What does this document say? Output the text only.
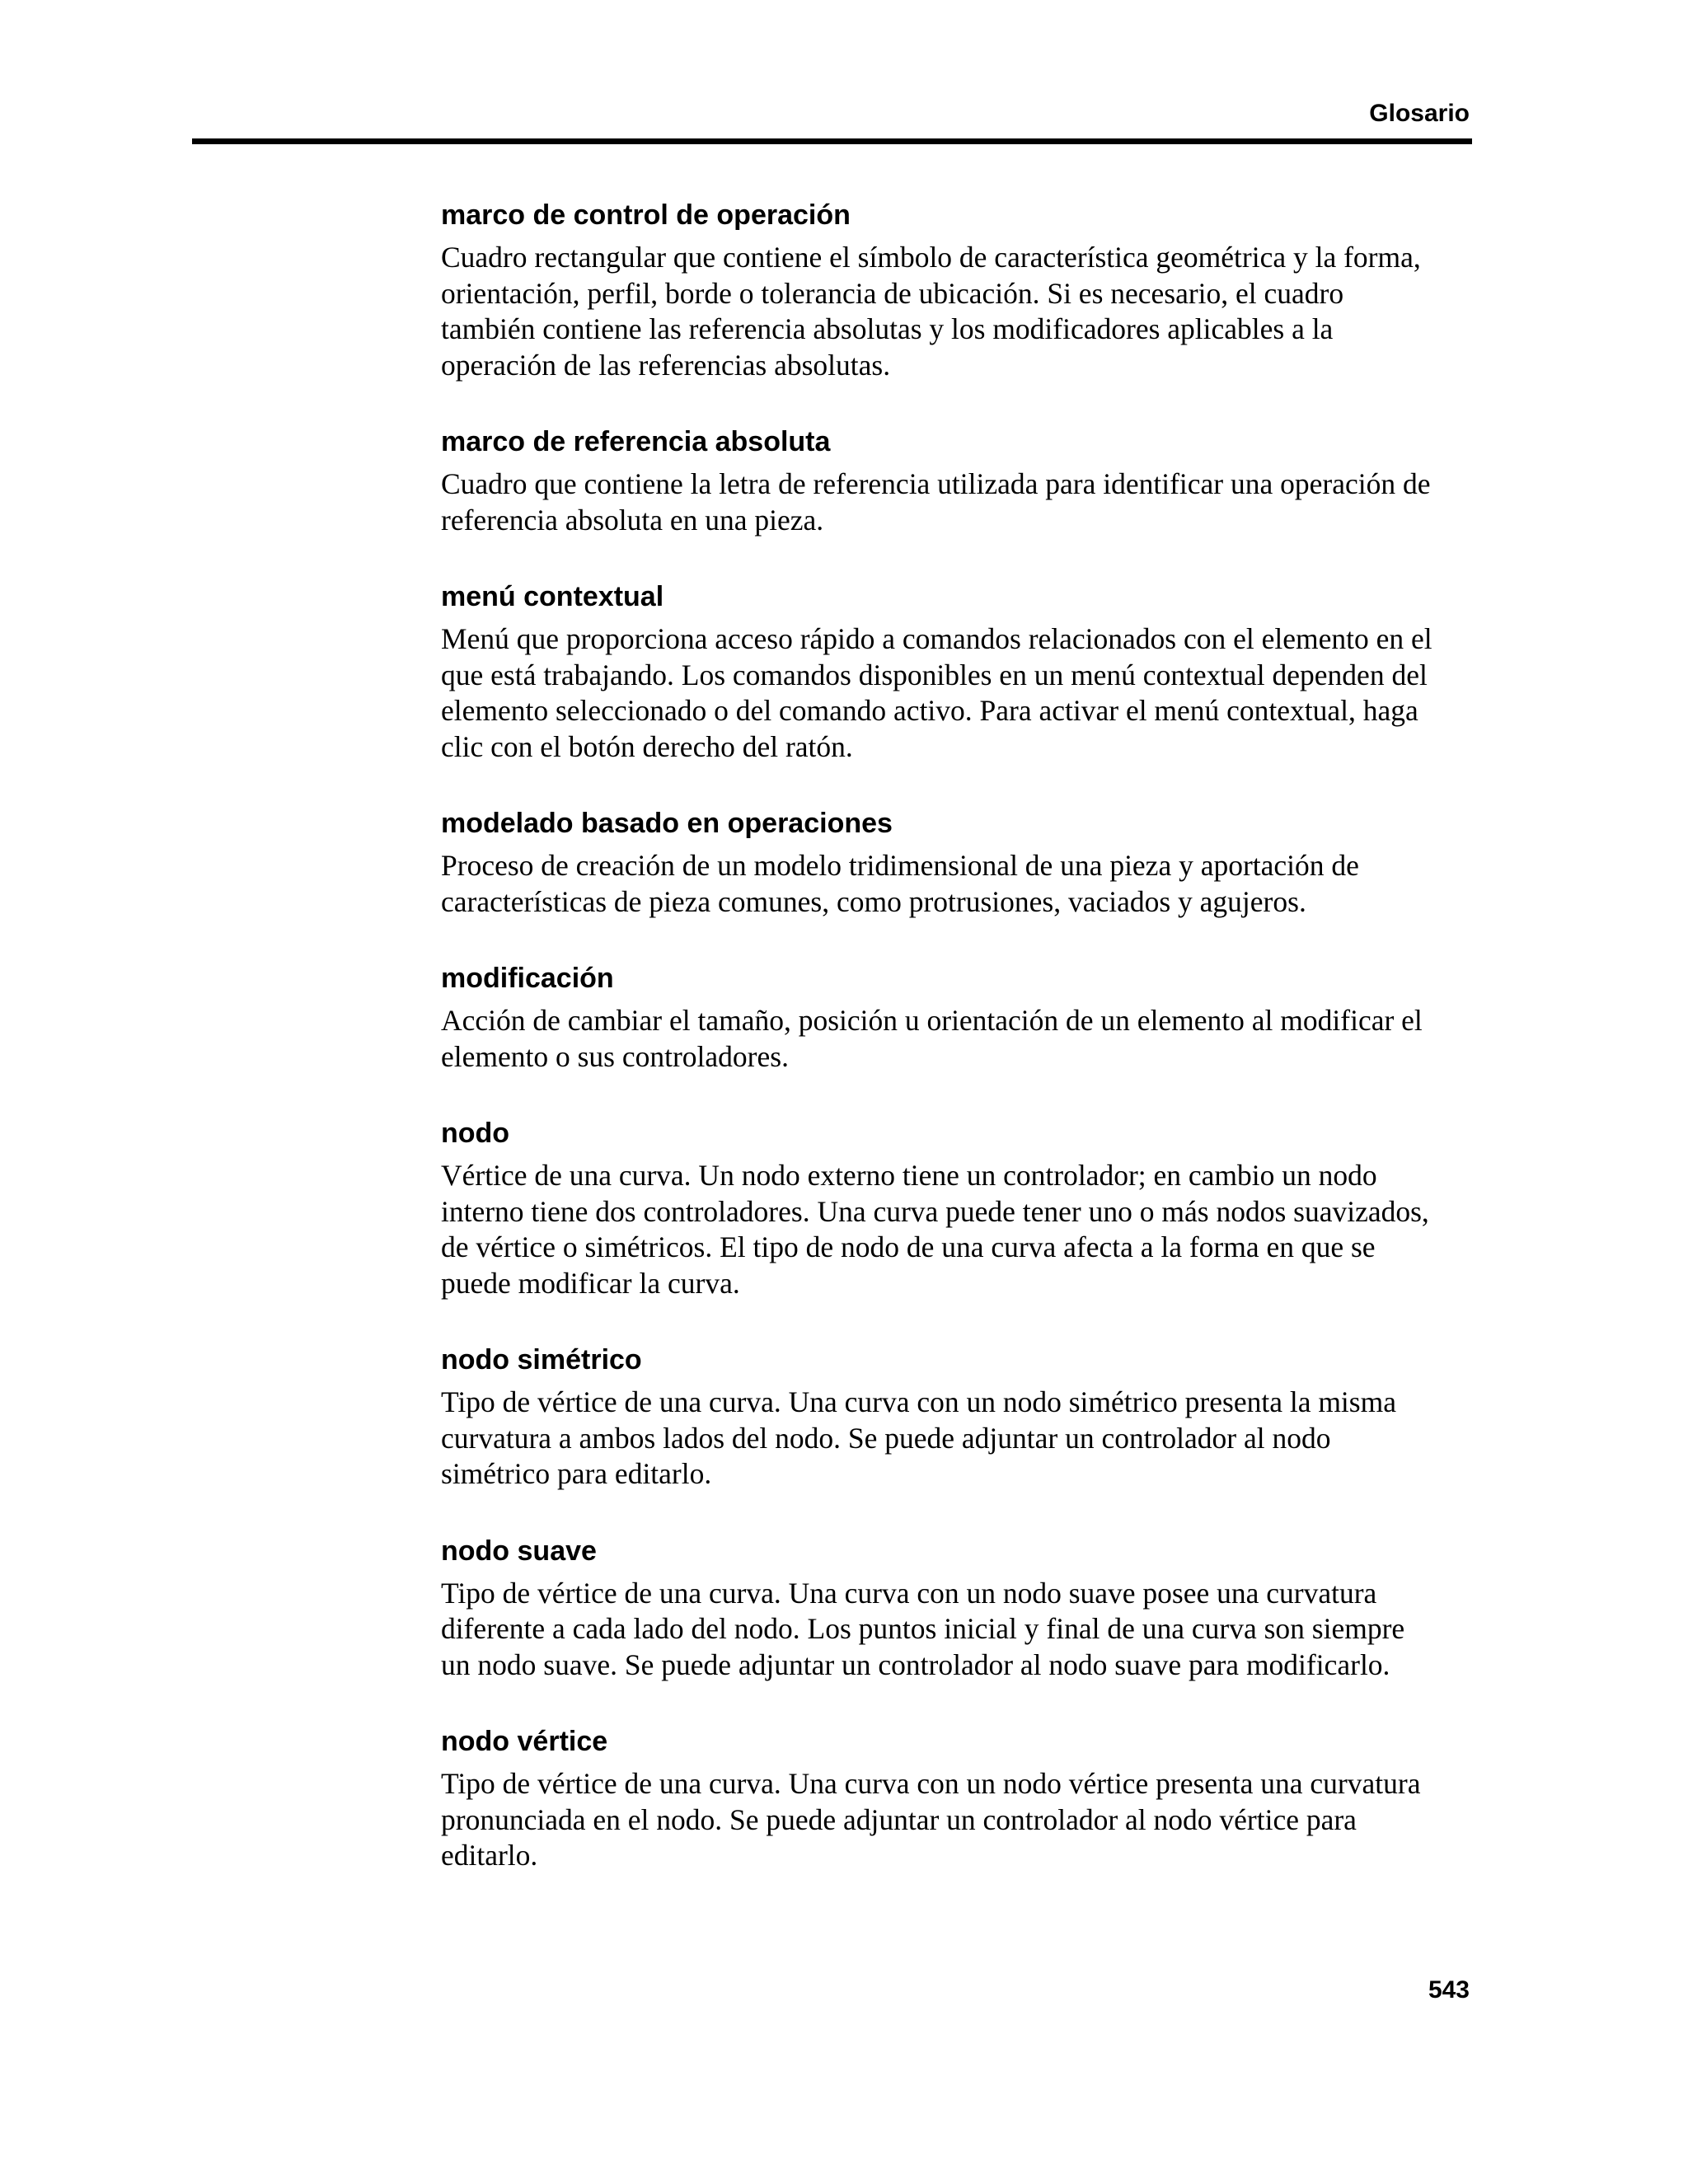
Glosario

marco de control de operación

Cuadro rectangular que contiene el símbolo de característica geométrica y la forma,
orientación, perfil, borde o tolerancia de ubicación. Si es necesario, el cuadro
también contiene las referencia absolutas y los modificadores aplicables a la
operación de las referencias absolutas.

marco de referencia absoluta

Cuadro que contiene la letra de referencia utilizada para identificar una operación de
referencia absoluta en una pieza.

menú contextual

Menú que proporciona acceso rápido a comandos relacionados con el elemento en el
que está trabajando. Los comandos disponibles en un menú contextual dependen del
elemento seleccionado o del comando activo. Para activar el menú contextual, haga
clic con el botón derecho del ratón.

modelado basado en operaciones

Proceso de creación de un modelo tridimensional de una pieza y aportación de
características de pieza comunes, como protrusiones, vaciados y agujeros.

modificación

Acción de cambiar el tamaño, posición u orientación de un elemento al modificar el
elemento o sus controladores.

nodo

Vértice de una curva. Un nodo externo tiene un controlador; en cambio un nodo
interno tiene dos controladores. Una curva puede tener uno o más nodos suavizados,
de vértice o simétricos. El tipo de nodo de una curva afecta a la forma en que se
puede modificar la curva.

nodo simétrico

Tipo de vértice de una curva. Una curva con un nodo simétrico presenta la misma
curvatura a ambos lados del nodo. Se puede adjuntar un controlador al nodo
simétrico para editarlo.

nodo suave

Tipo de vértice de una curva. Una curva con un nodo suave posee una curvatura
diferente a cada lado del nodo. Los puntos inicial y final de una curva son siempre
un nodo suave. Se puede adjuntar un controlador al nodo suave para modificarlo.

nodo vértice

Tipo de vértice de una curva. Una curva con un nodo vértice presenta una curvatura
pronunciada en el nodo. Se puede adjuntar un controlador al nodo vértice para
editarlo.

543
